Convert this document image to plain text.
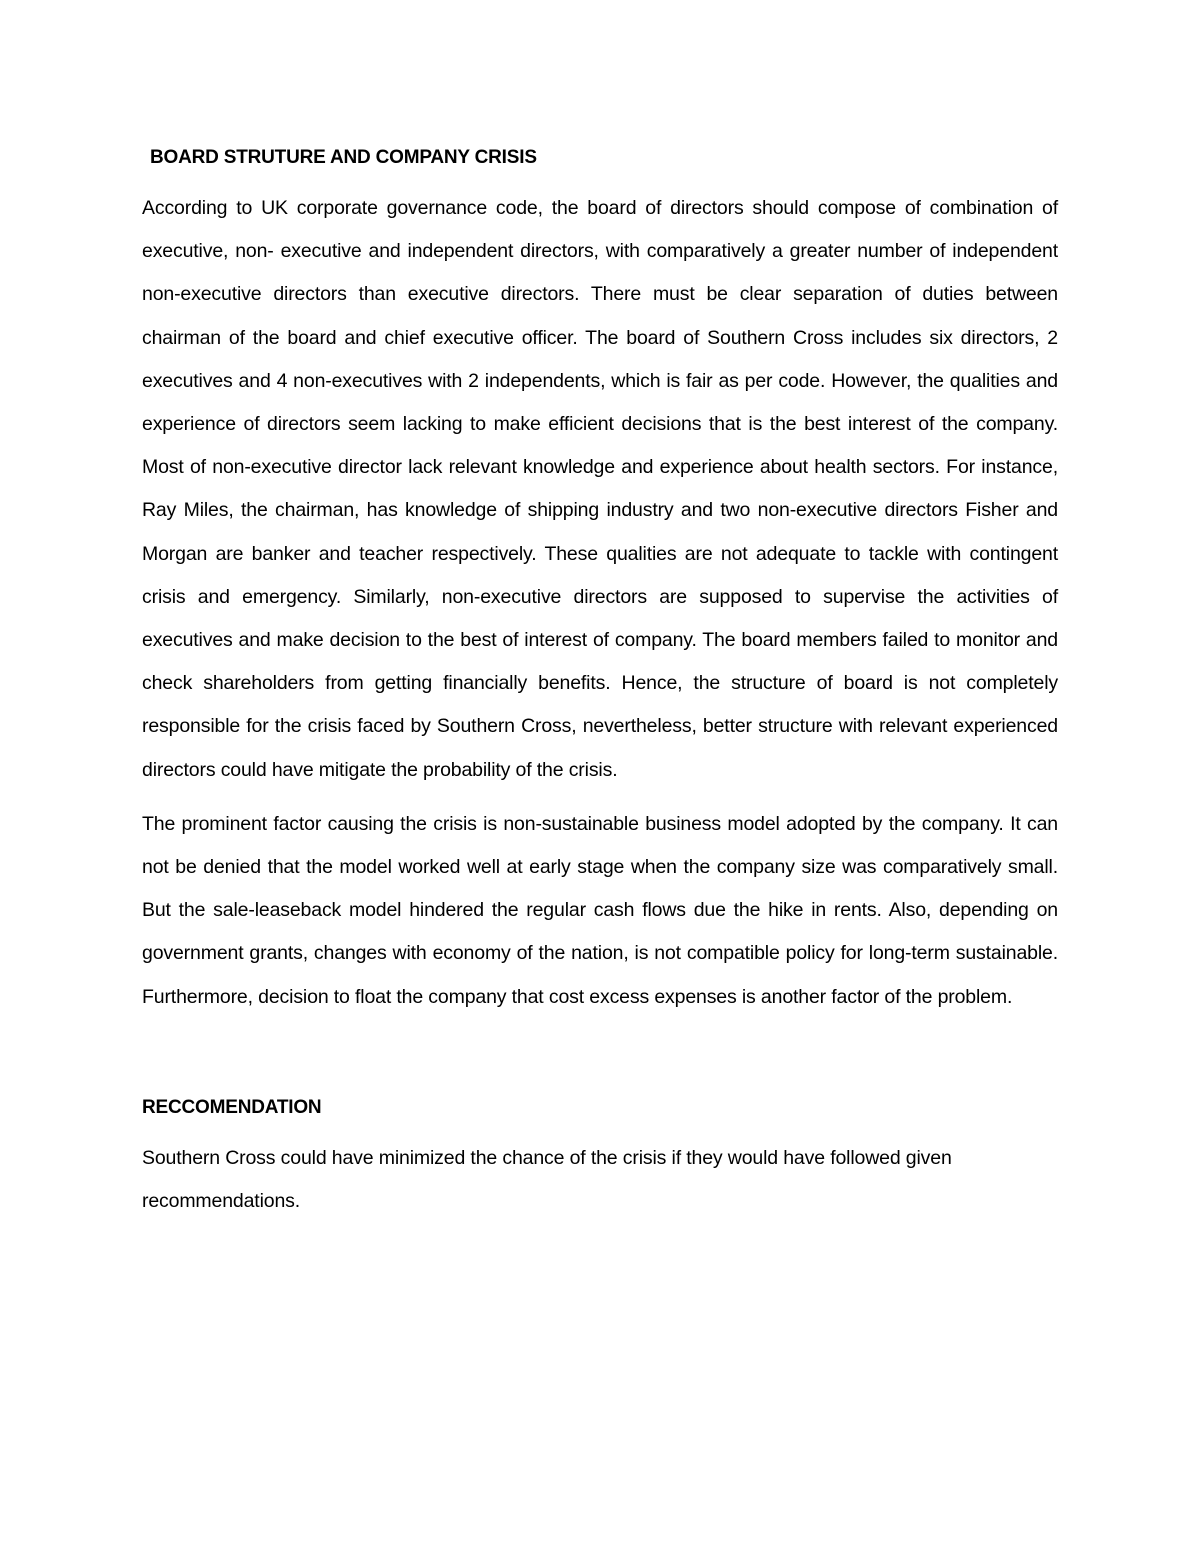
BOARD STRUTURE AND COMPANY CRISIS

According to UK corporate governance code, the board of directors should compose of combination of executive, non- executive and independent directors, with comparatively a greater number of independent non-executive directors than executive directors. There must be clear separation of duties between chairman of the board and chief executive officer. The board of Southern Cross includes six directors, 2 executives and 4 non-executives with 2 independents, which is fair as per code. However, the qualities and experience of directors seem lacking to make efficient decisions that is the best interest of the company. Most of non-executive director lack relevant knowledge and experience about health sectors. For instance, Ray Miles, the chairman, has knowledge of shipping industry and two non-executive directors Fisher and Morgan are banker and teacher respectively. These qualities are not adequate to tackle with contingent crisis and emergency. Similarly, non-executive directors are supposed to supervise the activities of executives and make decision to the best of interest of company. The board members failed to monitor and check shareholders from getting financially benefits. Hence, the structure of board is not completely responsible for the crisis faced by Southern Cross, nevertheless, better structure with relevant experienced directors could have mitigate the probability of the crisis.

The prominent factor causing the crisis is non-sustainable business model adopted by the company. It can not be denied that the model worked well at early stage when the company size was comparatively small. But the sale-leaseback model hindered the regular cash flows due the hike in rents. Also, depending on government grants, changes with economy of the nation, is not compatible policy for long-term sustainable. Furthermore, decision to float the company that cost excess expenses is another factor of the problem.

RECCOMENDATION

Southern Cross could have minimized the chance of the crisis if they would have followed given recommendations.
